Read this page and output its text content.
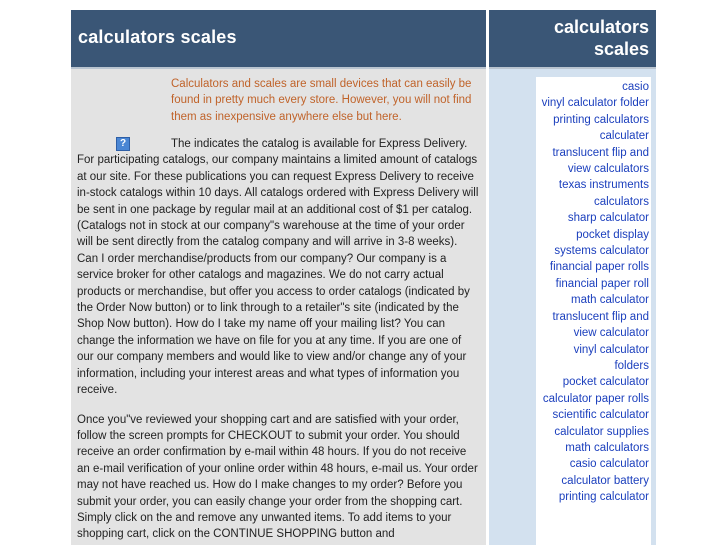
calculators scales	calculators
scales

Calculators and scales are small devices that can easily be found in pretty much every store. However, you will not find them as inexpensive anywhere else but here.

?	The indicates the catalog is available for Express Delivery. For participating catalogs, our company maintains a limited amount of catalogs at our site. For these publications you can request Express Delivery to receive in-stock catalogs within 10 days. All catalogs ordered with Express Delivery will be sent in one package by regular mail at an additional cost of $1 per catalog. (Catalogs not in stock at our company"s warehouse at the time of your order will be sent directly from the catalog company and will arrive in 3-8 weeks). Can I order merchandise/products from our company? Our company is a service broker for other catalogs and magazines. We do not carry actual products or merchandise, but offer you access to order catalogs (indicated by the Order Now button) or to link through to a retailer"s site (indicated by the Shop Now button). How do I take my name off your mailing list? You can change the information we have on file for you at any time. If you are one of our our company members and would like to view and/or change any of your information, including your interest areas and what types of information you receive.

Once you"ve reviewed your shopping cart and are satisfied with your order, follow the screen prompts for CHECKOUT to submit your order. You should receive an order confirmation by e-mail within 48 hours. If you do not receive an e-mail verification of your online order within 48 hours, e-mail us. Your order may not have reached us. How do I make changes to my order? Before you submit your order, you can easily change your order from the shopping cart. Simply click on the and remove any unwanted items. To add items to your shopping cart, click on the CONTINUE SHOPPING button and

casio
vinyl calculator folder
printing calculators calculater
translucent flip and view calculators
texas instruments calculators
sharp calculator
pocket display systems calculator
financial paper rolls
financial paper roll
math calculator
translucent flip and view calculator
vinyl calculator folders
pocket calculator
calculator paper rolls
scientific calculator
calculator supplies
math calculators
casio calculator
calculator battery
printing calculator
